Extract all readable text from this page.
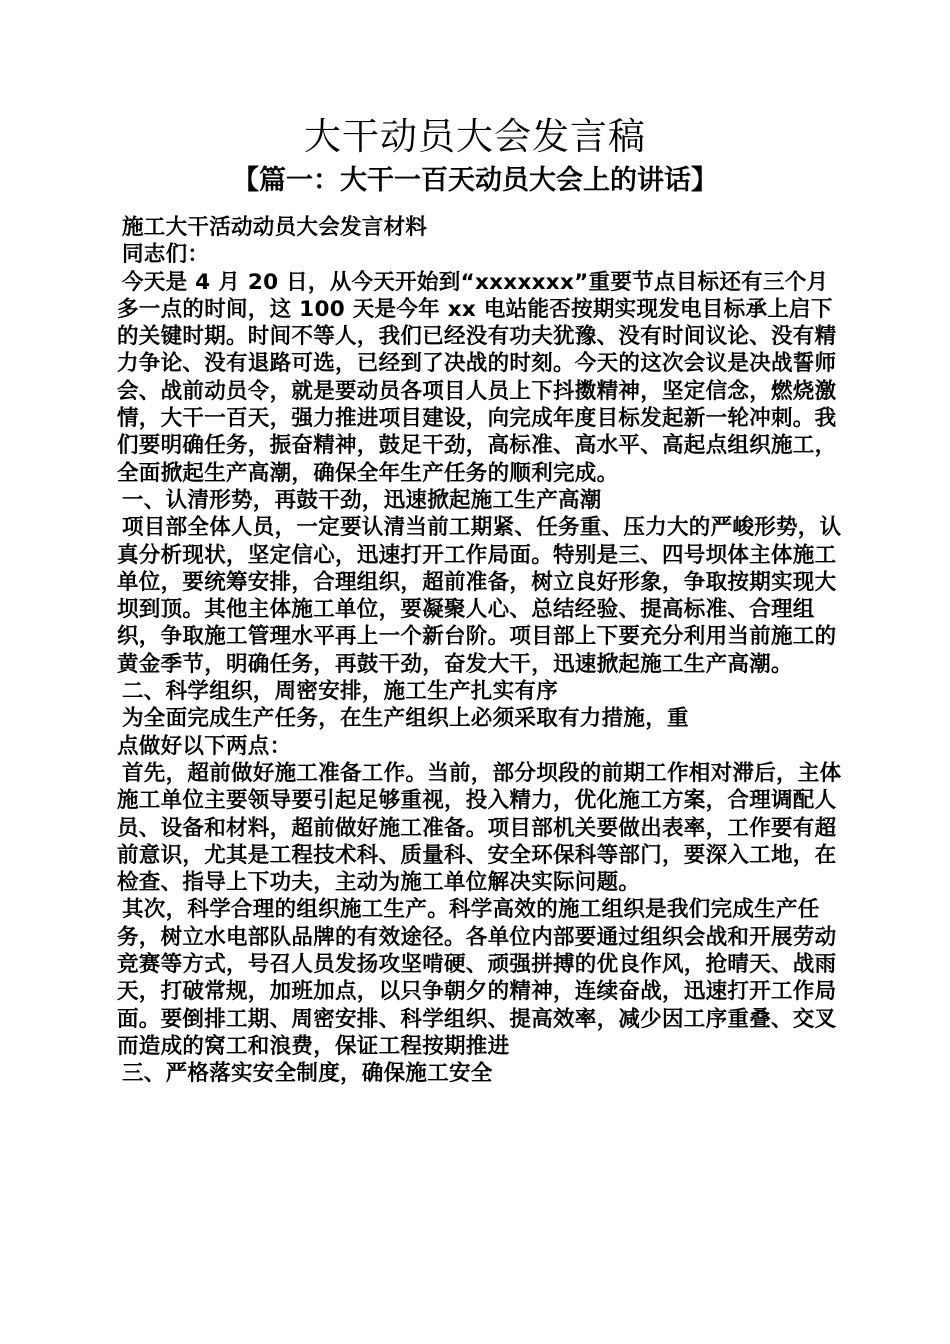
大干动员大会发言稿
【篇一：大干一百天动员大会上的讲话】

施工大干活动动员大会发言材料

同志们：

今天是 4 月 20 日，从今天开始到“xxxxxxx”重要节点目标还有三个月多一点的时间，这 100 天是今年 xx 电站能否按期实现发电目标承上启下的关键时期。时间不等人，我们已经没有功夫犹豫、没有时间议论、没有精力争论、没有退路可选，已经到了决战的时刻。今天的这次会议是决战誓师会、战前动员令，就是要动员各项目人员上下抖擞精神，坚定信念，燃烧激情，大干一百天，强力推进项目建设，向完成年度目标发起新一轮冲刺。我们要明确任务，振奋精神，鼓足干劲，高标准、高水平、高起点组织施工，全面掀起生产高潮，确保全年生产任务的顺利完成。

一、认清形势，再鼓干劲，迅速掀起施工生产高潮

项目部全体人员，一定要认清当前工期紧、任务重、压力大的严峻形势，认真分析现状，坚定信心，迅速打开工作局面。特别是三、四号坝体主体施工单位，要统筹安排，合理组织，超前准备，树立良好形象，争取按期实现大坝到顶。其他主体施工单位，要凝聚人心、总结经验、提高标准、合理组织，争取施工管理水平再上一个新台阶。项目部上下要充分利用当前施工的黄金季节，明确任务，再鼓干劲，奋发大干，迅速掀起施工生产高潮。

二、科学组织，周密安排，施工生产扎实有序

为全面完成生产任务，在生产组织上必须采取有力措施，重

点做好以下两点：

首先，超前做好施工准备工作。当前，部分坝段的前期工作相对滞后，主体施工单位主要领导要引起足够重视，投入精力，优化施工方案，合理调配人员、设备和材料，超前做好施工准备。项目部机关要做出表率，工作要有超前意识，尤其是工程技术科、质量科、安全环保科等部门，要深入工地，在检查、指导上下功夫，主动为施工单位解决实际问题。

其次，科学合理的组织施工生产。科学高效的施工组织是我们完成生产任务，树立水电部队品牌的有效途径。各单位内部要通过组织会战和开展劳动竞赛等方式，号召人员发扬攻坚啃硬、顽强拼搏的优良作风，抢晴天、战雨天，打破常规，加班加点，以只争朝夕的精神，连续奋战，迅速打开工作局面。要倒排工期、周密安排、科学组织、提高效率，减少因工序重叠、交叉而造成的窝工和浪费，保证工程按期推进

三、严格落实安全制度，确保施工安全
